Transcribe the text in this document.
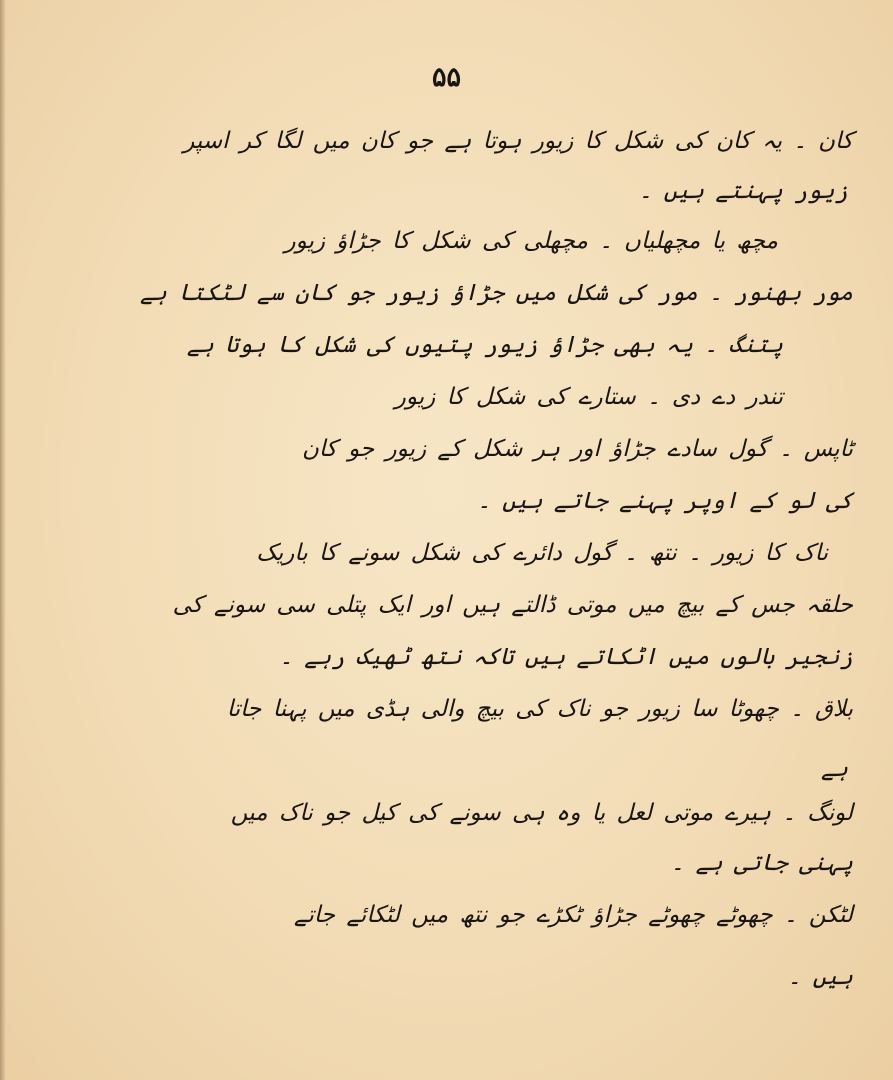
۵۵
کان ۔ یہ کان کی شکل کا زیور ہوتا ہے جو کان میں لگا کر اسپر
زیور پہنتے ہیں ۔
مچھ یا مچھلیاں ۔ مچھلی کی شکل کا جڑاؤ زیور
مور بھنور ۔ مور کی شکل میں جڑاؤ زیور جو کان سے لٹکتا ہے
پتنگ ۔ یہ بھی جڑاؤ زیور پتیوں کی شکل کا ہوتا ہے
تندر دے دی ۔ ستارے کی شکل کا زیور
ٹاپس ۔ گول سادے جڑاؤ اور ہر شکل کے زیور جو کان
کی لو کے اوپر پہنے جاتے ہیں ۔
ناک کا زیور ۔ نتھ ۔ گول دائرے کی شکل سونے کا باریک
حلقہ جس کے بیچ میں موتی ڈالتے ہیں اور ایک پتلی سی سونے کی
زنجیر بالوں میں اٹکاتے ہیں تاکہ نتھ ٹھیک رہے ۔
بلاق ۔ چھوٹا سا زیور جو ناک کی بیچ والی ہڈی میں پہنا جاتا
ہے
لونگ ۔ ہیرے موتی لعل یا وہ ہی سونے کی کیل جو ناک میں
پہنی جاتی ہے ۔
لٹکن ۔ چھوٹے چھوٹے جڑاؤ ٹکڑے جو نتھ میں لٹکائے جاتے
ہیں ۔
